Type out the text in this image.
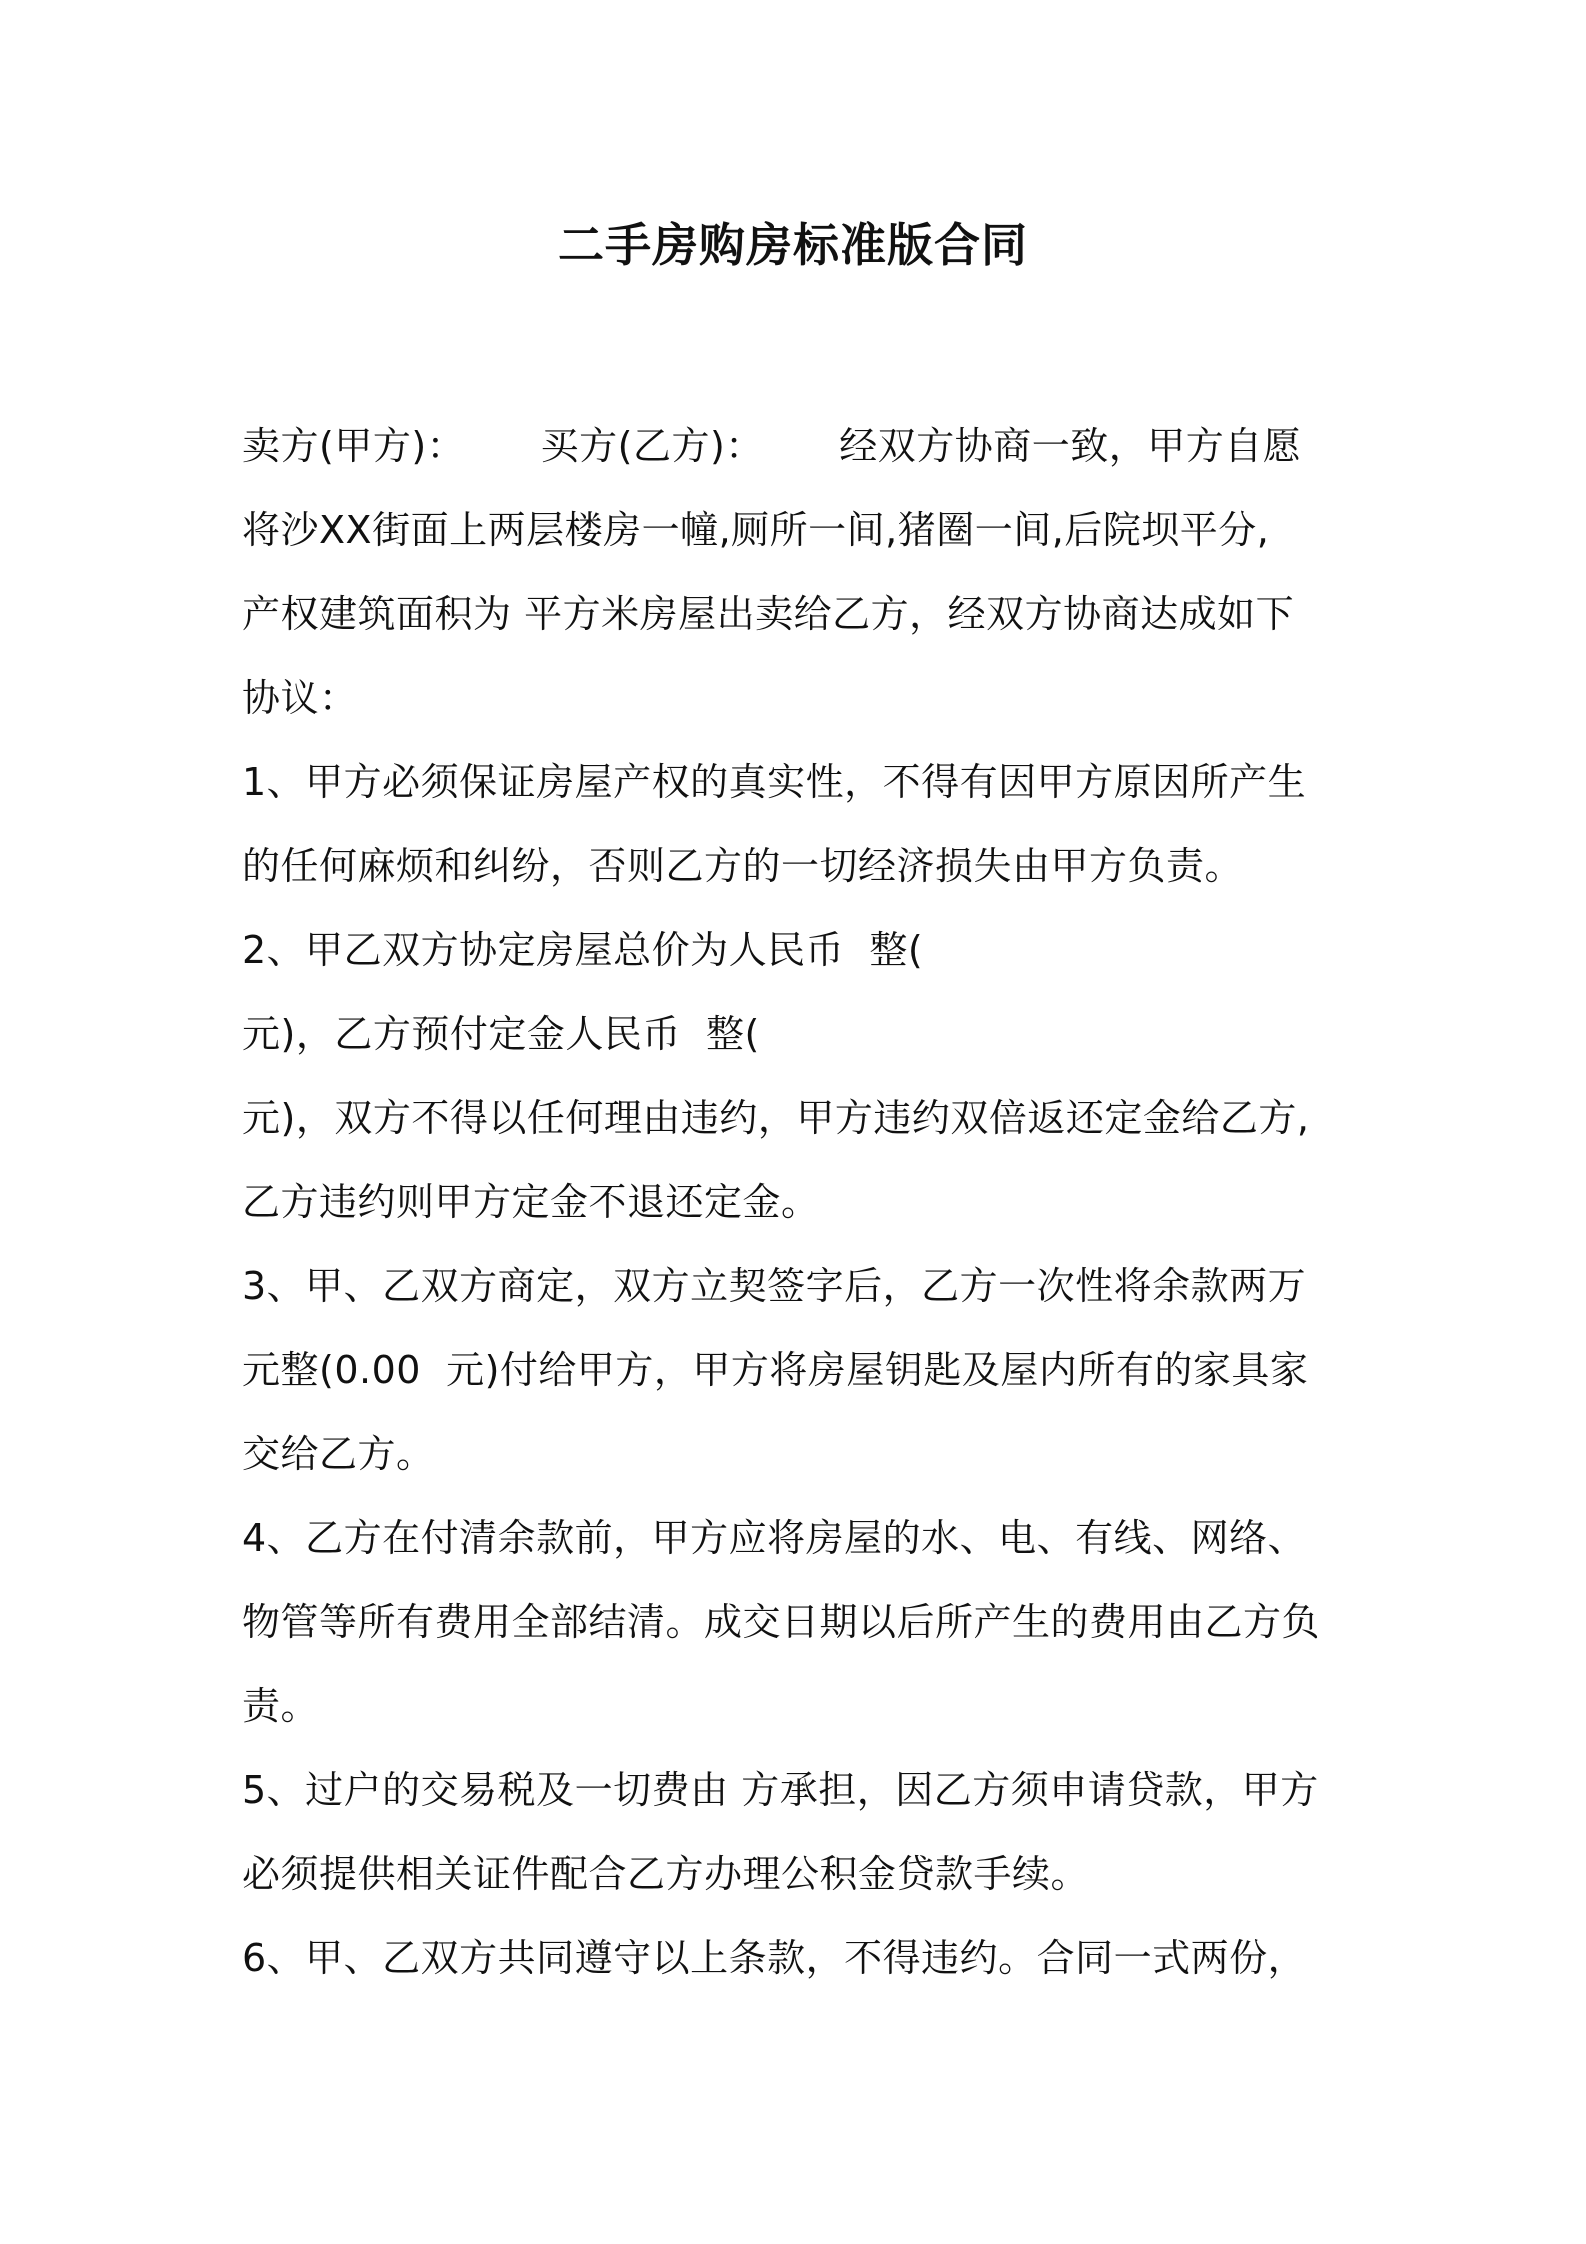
二手房购房标准版合同
卖方(甲方)：      买方(乙方)：      经双方协商一致，甲方自愿
将沙XX街面上两层楼房一幢,厕所一间,猪圈一间,后院坝平分,
产权建筑面积为 平方米房屋出卖给乙方，经双方协商达成如下
协议：
1、甲方必须保证房屋产权的真实性，不得有因甲方原因所产生
的任何麻烦和纠纷，否则乙方的一切经济损失由甲方负责。
2、甲乙双方协定房屋总价为人民币  整(
元)，乙方预付定金人民币  整(
元)，双方不得以任何理由违约，甲方违约双倍返还定金给乙方,
乙方违约则甲方定金不退还定金。
3、甲、乙双方商定，双方立契签字后，乙方一次性将余款两万
元整(0.00  元)付给甲方，甲方将房屋钥匙及屋内所有的家具家
交给乙方。
4、乙方在付清余款前，甲方应将房屋的水、电、有线、网络、
物管等所有费用全部结清。成交日期以后所产生的费用由乙方负
责。
5、过户的交易税及一切费由 方承担，因乙方须申请贷款，甲方
必须提供相关证件配合乙方办理公积金贷款手续。
6、甲、乙双方共同遵守以上条款，不得违约。合同一式两份，
